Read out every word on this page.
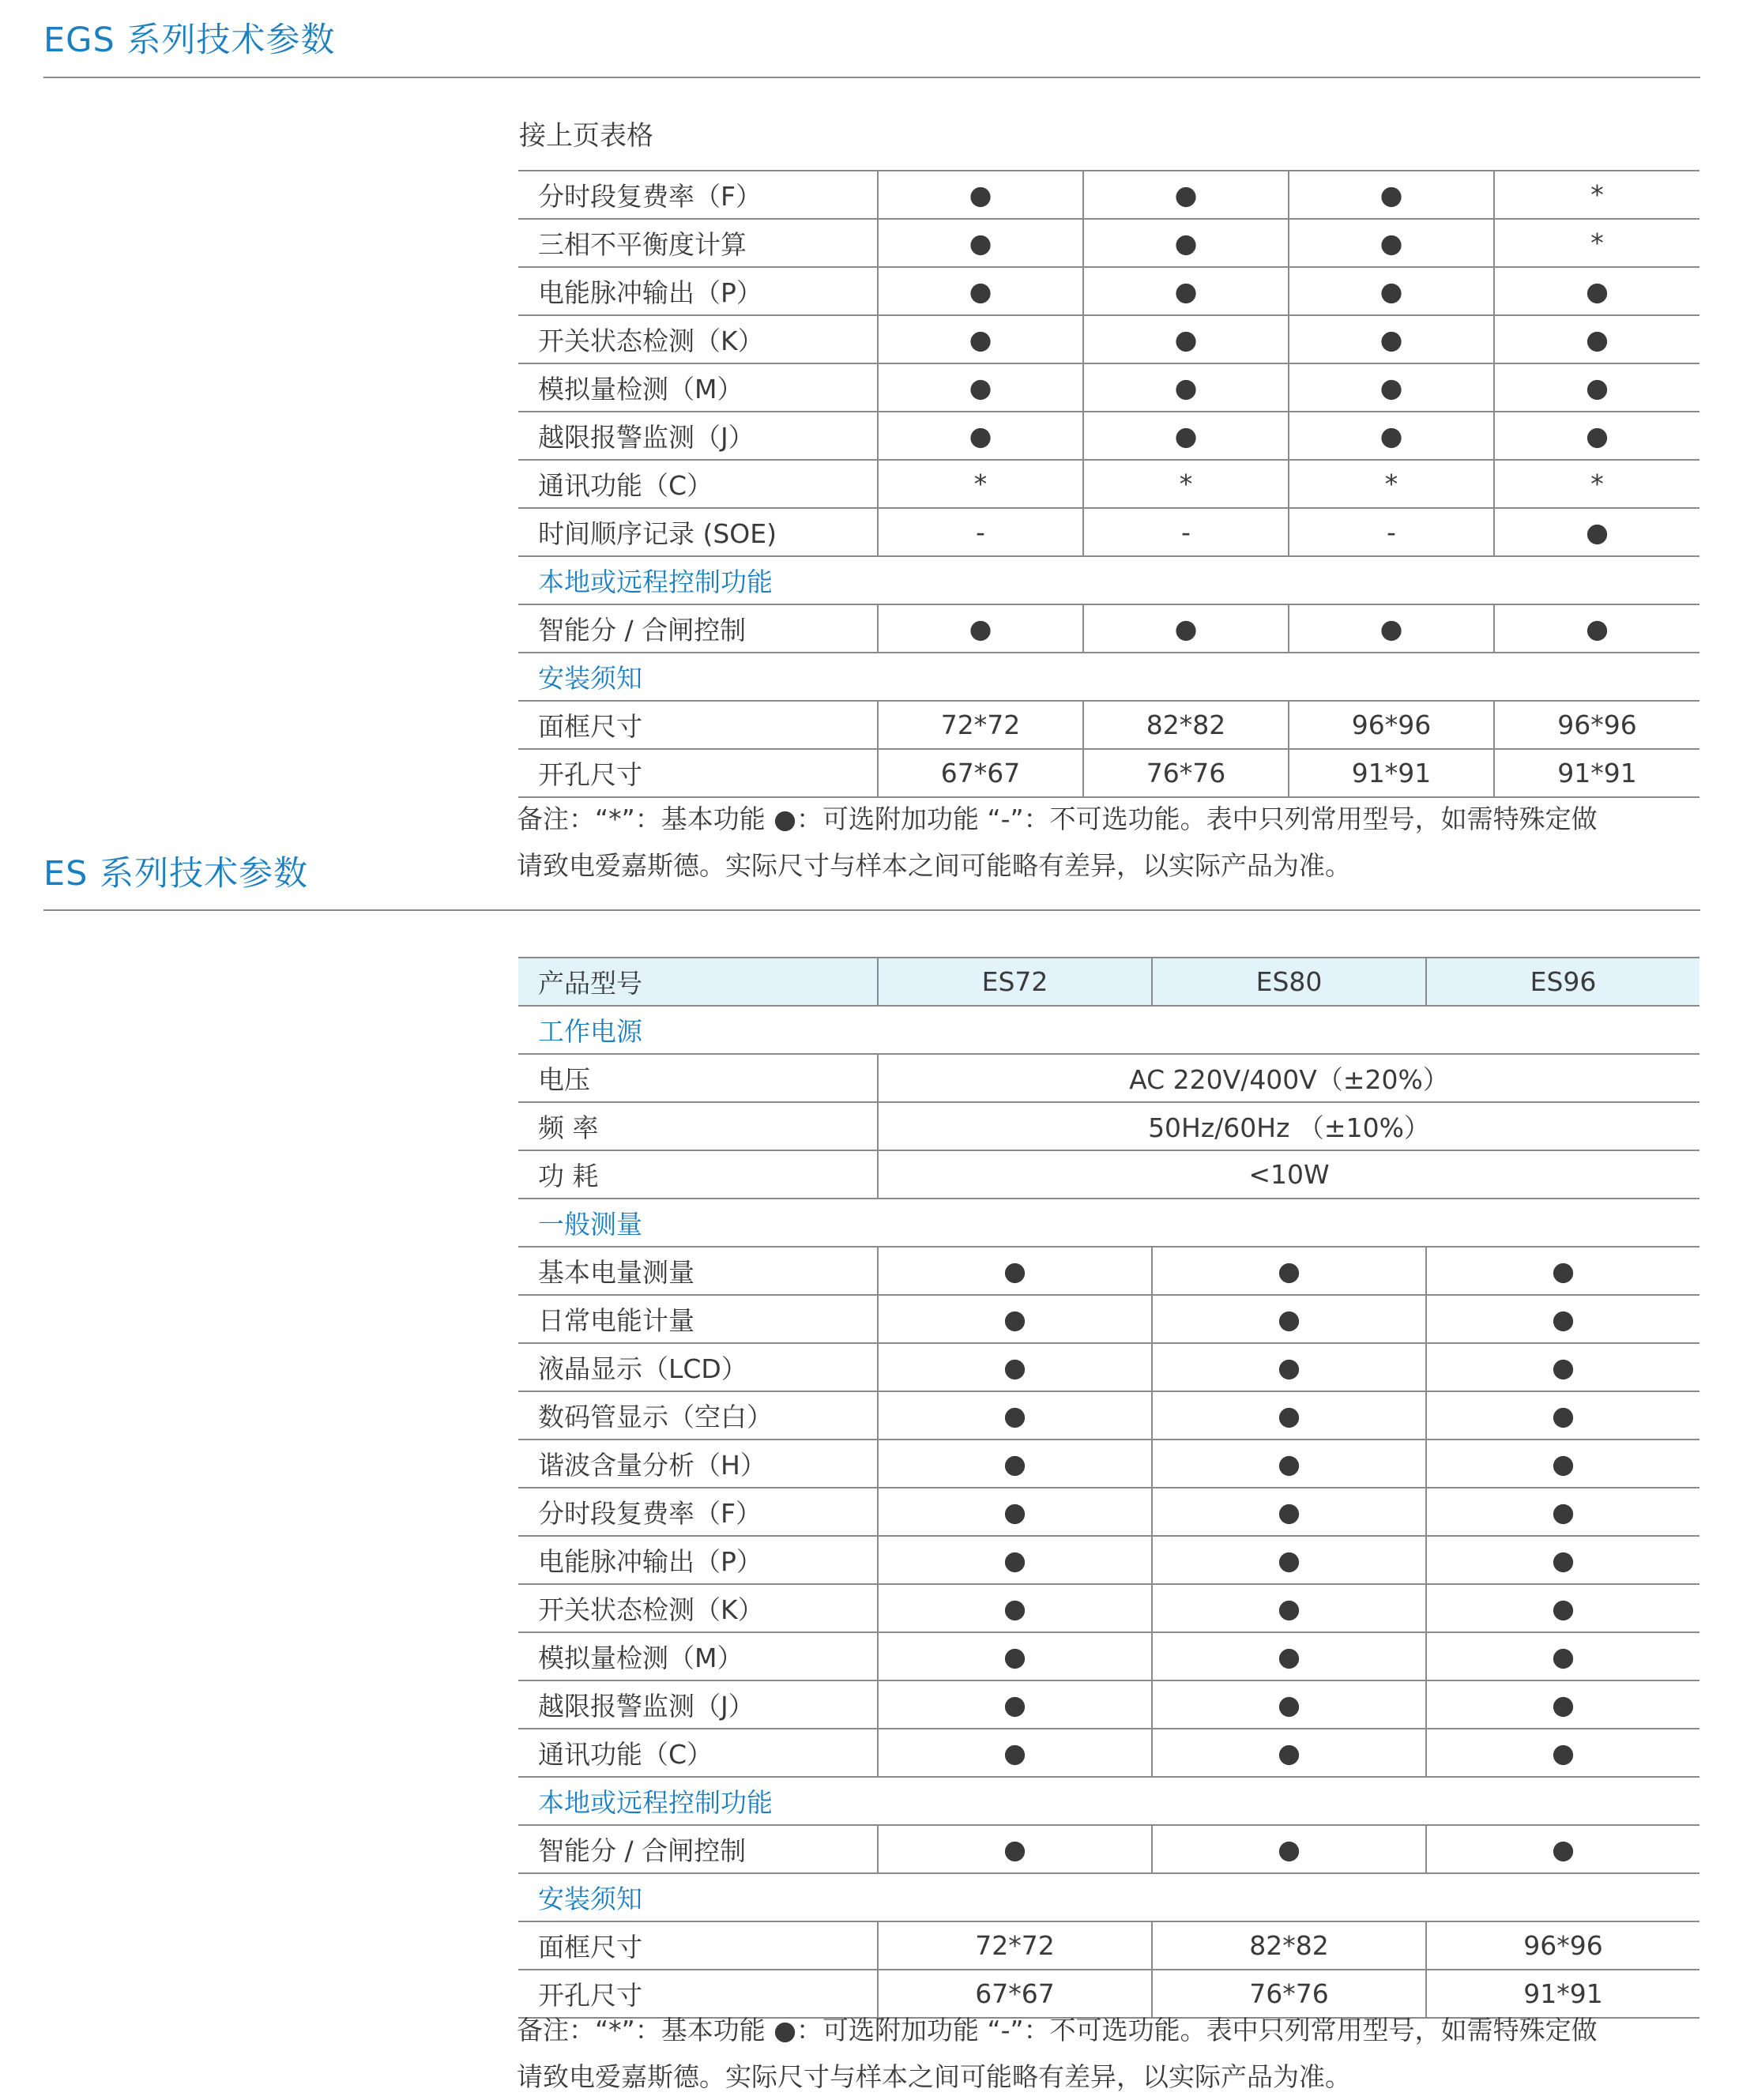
EGS 系列技术参数
接上页表格
分时段复费率（F）	●	●	●	*
三相不平衡度计算	●	●	●	*
电能脉冲输出（P）	●	●	●	●
开关状态检测（K）	●	●	●	●
模拟量检测（M）	●	●	●	●
越限报警监测（J）	●	●	●	●
通讯功能（C）	*	*	*	*
时间顺序记录 (SOE)	-	-	-	●
本地或远程控制功能				
智能分 / 合闸控制	●	●	●	●
安装须知				
面框尺寸	72*72	82*82	96*96	96*96
开孔尺寸	67*67	76*76	91*91	91*91
备注：“*”：基本功能 ●：可选附加功能 “-”：不可选功能。表中只列常用型号，如需特殊定做
请致电爱嘉斯德。实际尺寸与样本之间可能略有差异，以实际产品为准。
ES 系列技术参数
产品型号	ES72	ES80	ES96
工作电源			
电压	AC 220V/400V（±20%）		
频 率	50Hz/60Hz （±10%）		
功 耗	<10W		
一般测量			
基本电量测量	●	●	●
日常电能计量	●	●	●
液晶显示（LCD）	●	●	●
数码管显示（空白）	●	●	●
谐波含量分析（H）	●	●	●
分时段复费率（F）	●	●	●
电能脉冲输出（P）	●	●	●
开关状态检测（K）	●	●	●
模拟量检测（M）	●	●	●
越限报警监测（J）	●	●	●
通讯功能（C）	●	●	●
本地或远程控制功能			
智能分 / 合闸控制	●	●	●
安装须知			
面框尺寸	72*72	82*82	96*96
开孔尺寸	67*67	76*76	91*91
备注：“*”：基本功能 ●：可选附加功能 “-”：不可选功能。表中只列常用型号，如需特殊定做
请致电爱嘉斯德。实际尺寸与样本之间可能略有差异，以实际产品为准。
